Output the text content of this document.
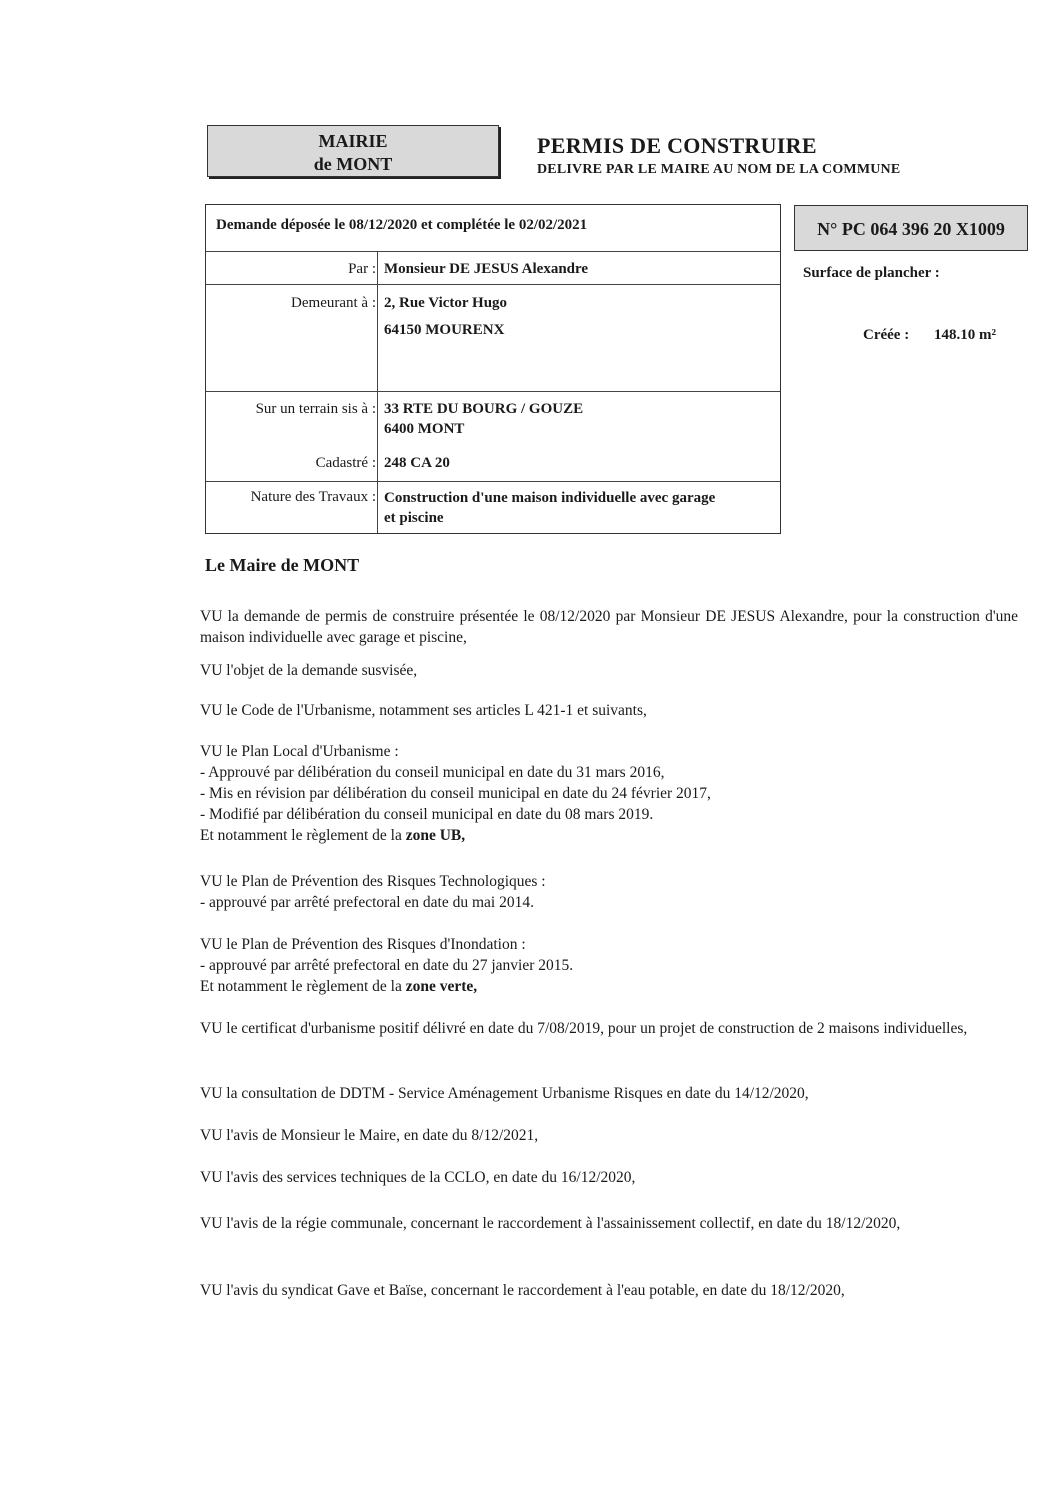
MAIRIE
de MONT
PERMIS DE CONSTRUIRE
DELIVRE PAR LE MAIRE AU NOM DE LA COMMUNE
Demande déposée le 08/12/2020 et complétée le 02/02/2021
Par : Monsieur DE JESUS Alexandre
Demeurant à : 2, Rue Victor Hugo
64150 MOURENX
Sur un terrain sis à : 33 RTE DU BOURG / GOUZE
6400 MONT
Cadastré : 248 CA 20
Nature des Travaux : Construction d'une maison individuelle avec garage
et piscine
N° PC 064 396 20 X1009
Surface de plancher :
Créée : 148.10 m²
Le Maire de MONT
VU la demande de permis de construire présentée le 08/12/2020 par Monsieur DE JESUS Alexandre, pour la construction d'une maison individuelle avec garage et piscine,
VU l'objet de la demande susvisée,
VU le Code de l'Urbanisme, notamment ses articles L 421-1 et suivants,
VU le Plan Local d'Urbanisme :
- Approuvé par délibération du conseil municipal en date du 31 mars 2016,
- Mis en révision par délibération du conseil municipal en date du 24 février 2017,
- Modifié par délibération du conseil municipal en date du 08 mars 2019.
Et notamment le règlement de la zone UB,
VU le Plan de Prévention des Risques Technologiques :
- approuvé par arrêté prefectoral en date du mai 2014.
VU le Plan de Prévention des Risques d'Inondation :
- approuvé par arrêté prefectoral en date du 27 janvier 2015.
Et notamment le règlement de la zone verte,
VU le certificat d'urbanisme positif délivré en date du 7/08/2019, pour un projet de construction de 2 maisons individuelles,
VU la consultation de DDTM - Service Aménagement Urbanisme Risques en date du 14/12/2020,
VU l'avis de Monsieur le Maire, en date du 8/12/2021,
VU l'avis des services techniques de la CCLO, en date du 16/12/2020,
VU l'avis de la régie communale, concernant le raccordement à l'assainissement collectif, en date du 18/12/2020,
VU l'avis du syndicat Gave et Baïse, concernant le raccordement à l'eau potable, en date du 18/12/2020,
